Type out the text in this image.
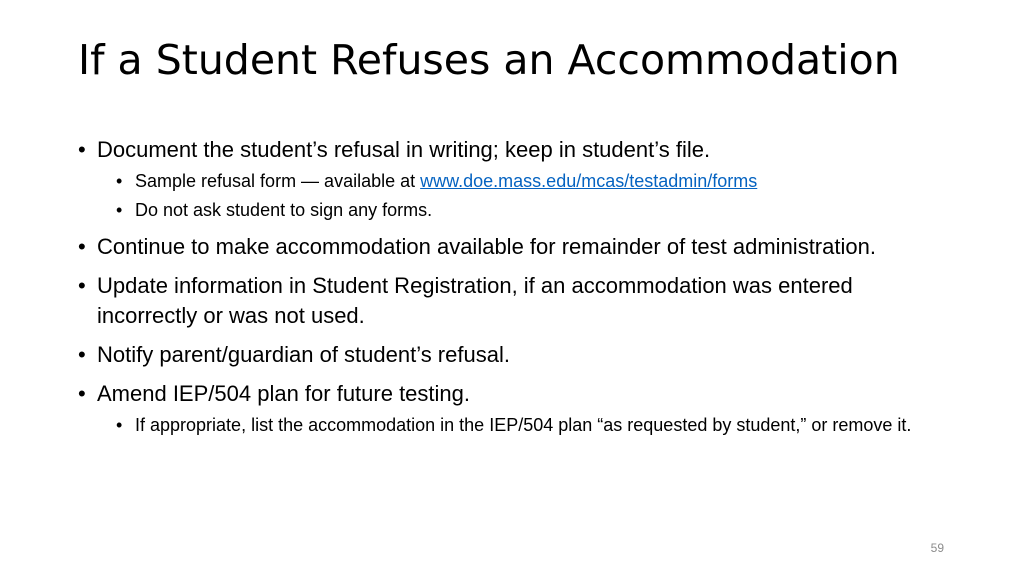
If a Student Refuses an Accommodation
• Document the student’s refusal in writing; keep in student’s file.
• Sample refusal form — available at www.doe.mass.edu/mcas/testadmin/forms
• Do not ask student to sign any forms.
• Continue to make accommodation available for remainder of test administration.
• Update information in Student Registration, if an accommodation was entered incorrectly or was not used.
• Notify parent/guardian of student’s refusal.
• Amend IEP/504 plan for future testing.
• If appropriate, list the accommodation in the IEP/504 plan “as requested by student,” or remove it.
59
